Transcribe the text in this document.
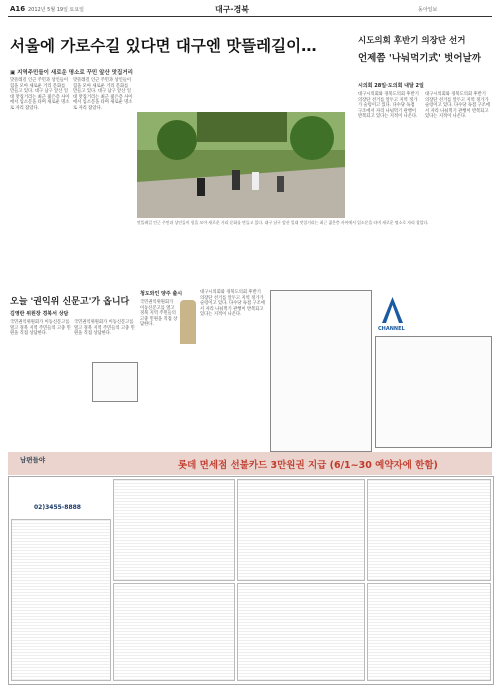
A16 2012년 5월 19일 토요일	대구·경북	동아일보
서울에 가로수길 있다면 대구엔 맛뜰레길이…
▣ 지역주민들이 새로운 명소로 꾸민 앞산 맛집거리
맛뜰레길 인근 주민과 상인들이 힘을 모아 새로운 거리 문화를 만들고 있다. 대구 남구 앞산 일대 맛집거리는 최근 젊은층 사이에서 입소문을 타며 새로운 명소로 자리 잡았다.
맛뜰레길 인근 주민과 상인들이 힘을 모아 새로운 거리 문화를 만들고 있다. 대구 남구 앞산 일대 맛집거리는 최근 젊은층 사이에서 입소문을 타며 새로운 명소로 자리 잡았다.
맛뜰레길 인근 주민과 상인들이 힘을 모아 새로운 거리 문화를 만들고 있다. 대구 남구 앞산 일대 맛집거리는 최근 젊은층 사이에서 입소문을 타며 새로운 명소로 자리 잡았다.
시도의회 후반기 의장단 선거
언제쯤 '나눠먹기式' 벗어날까
시의회 28일·도의회 내달 2일
대구시의회와 경북도의회 후반기 의장단 선거를 앞두고 지역 정가가 술렁이고 있다. 다수당 독점 구조에서 자리 나눠먹기 관행이 반복되고 있다는 지적이 나온다.
대구시의회와 경북도의회 후반기 의장단 선거를 앞두고 지역 정가가 술렁이고 있다. 다수당 독점 구조에서 자리 나눠먹기 관행이 반복되고 있다는 지적이 나온다.
오늘 '권익위 신문고'가 옵니다
김영란 위원장 경북서 상담
국민권익위원회가 이동신문고를 열고 경북 지역 주민들의 고충 민원을 직접 상담한다.
국민권익위원회가 이동신문고를 열고 경북 지역 주민들의 고충 민원을 직접 상담한다.
청도와인 양주 출시
국민권익위원회가 이동신문고를 열고 경북 지역 주민들의 고충 민원을 직접 상담한다.
대구시의회와 경북도의회 후반기 의장단 선거를 앞두고 지역 정가가 술렁이고 있다. 다수당 독점 구조에서 자리 나눠먹기 관행이 반복되고 있다는 지적이 나온다.
CHANNEL
남편들야	롯데 면세점 선불카드 3만원권 지급 (6/1~30 예약자에 한함)
02)3455-8888
